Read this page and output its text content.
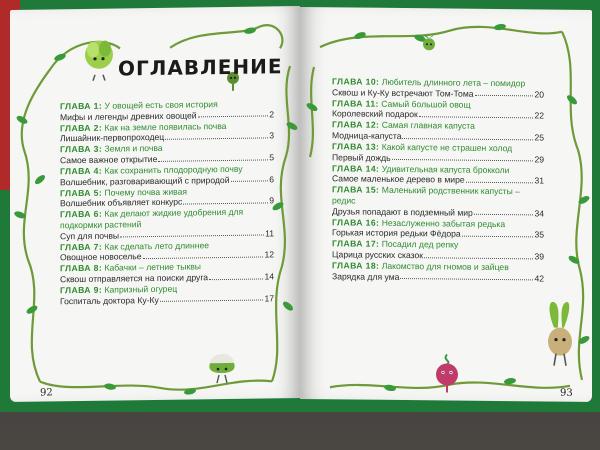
ОГЛАВЛЕНИЕ
ГЛАВА 1: У овощей есть своя история
Мифы и легенды древних овощей	2
ГЛАВА 2: Как на земле появилась почва
Лишайник-первопроходец	3
ГЛАВА 3: Земля и почва
Самое важное открытие	5
ГЛАВА 4: Как сохранить плодородную почву
Волшебник, разговаривающий с природой	6
ГЛАВА 5: Почему почва живая
Волшебник объявляет конкурс	9
ГЛАВА 6: Как делают жидкие удобрения для подкормки растений
Суп для почвы	11
ГЛАВА 7: Как сделать лето длиннее
Овощное новоселье	12
ГЛАВА 8: Кабачки – летние тыквы
Сквош отправляется на поиски друга	14
ГЛАВА 9: Капризный огурец
Госпиталь доктора Ку-Ку	17
92
ГЛАВА 10: Любитель длинного лета – помидор
Сквош и Ку-Ку встречают Том-Тома	20
ГЛАВА 11: Самый большой овощ
Королевский подарок	22
ГЛАВА 12: Самая главная капуста
Модница-капуста	25
ГЛАВА 13: Какой капусте не страшен холод
Первый дождь	29
ГЛАВА 14: Удивительная капуста брокколи
Самое маленькое дерево в мире	31
ГЛАВА 15: Маленький родственник капусты – редис
Друзья попадают в подземный мир	34
ГЛАВА 16: Незаслуженно забытая редька
Горькая история редьки Фёдора	35
ГЛАВА 17: Посадил дед репку
Царица русских сказок	39
ГЛАВА 18: Лакомство для гномов и зайцев
Зарядка для ума	42
93
